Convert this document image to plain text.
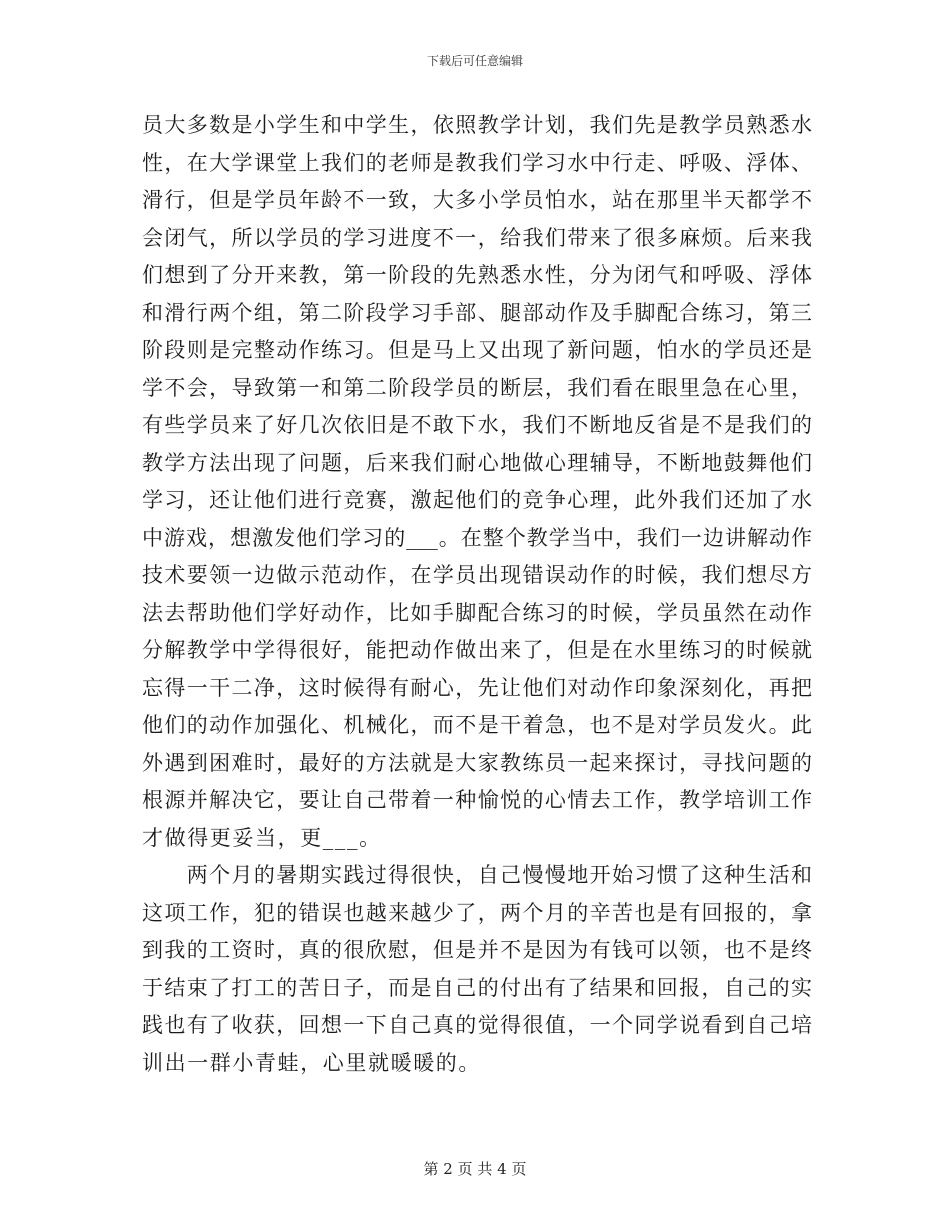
下载后可任意编辑
员大多数是小学生和中学生，依照教学计划，我们先是教学员熟悉水
性，在大学课堂上我们的老师是教我们学习水中行走、呼吸、浮体、
滑行，但是学员年龄不一致，大多小学员怕水，站在那里半天都学不
会闭气，所以学员的学习进度不一，给我们带来了很多麻烦。后来我
们想到了分开来教，第一阶段的先熟悉水性，分为闭气和呼吸、浮体
和滑行两个组，第二阶段学习手部、腿部动作及手脚配合练习，第三
阶段则是完整动作练习。但是马上又出现了新问题，怕水的学员还是
学不会，导致第一和第二阶段学员的断层，我们看在眼里急在心里，
有些学员来了好几次依旧是不敢下水，我们不断地反省是不是我们的
教学方法出现了问题，后来我们耐心地做心理辅导，不断地鼓舞他们
学习，还让他们进行竞赛，激起他们的竞争心理，此外我们还加了水
中游戏，想激发他们学习的___。在整个教学当中，我们一边讲解动作
技术要领一边做示范动作，在学员出现错误动作的时候，我们想尽方
法去帮助他们学好动作，比如手脚配合练习的时候，学员虽然在动作
分解教学中学得很好，能把动作做出来了，但是在水里练习的时候就
忘得一干二净，这时候得有耐心，先让他们对动作印象深刻化，再把
他们的动作加强化、机械化，而不是干着急，也不是对学员发火。此
外遇到困难时，最好的方法就是大家教练员一起来探讨，寻找问题的
根源并解决它，要让自己带着一种愉悦的心情去工作，教学培训工作
才做得更妥当，更___。
　　两个月的暑期实践过得很快，自己慢慢地开始习惯了这种生活和
这项工作，犯的错误也越来越少了，两个月的辛苦也是有回报的，拿
到我的工资时，真的很欣慰，但是并不是因为有钱可以领，也不是终
于结束了打工的苦日子，而是自己的付出有了结果和回报，自己的实
践也有了收获，回想一下自己真的觉得很值，一个同学说看到自己培
训出一群小青蛙，心里就暖暖的。
第 2 页 共 4 页
